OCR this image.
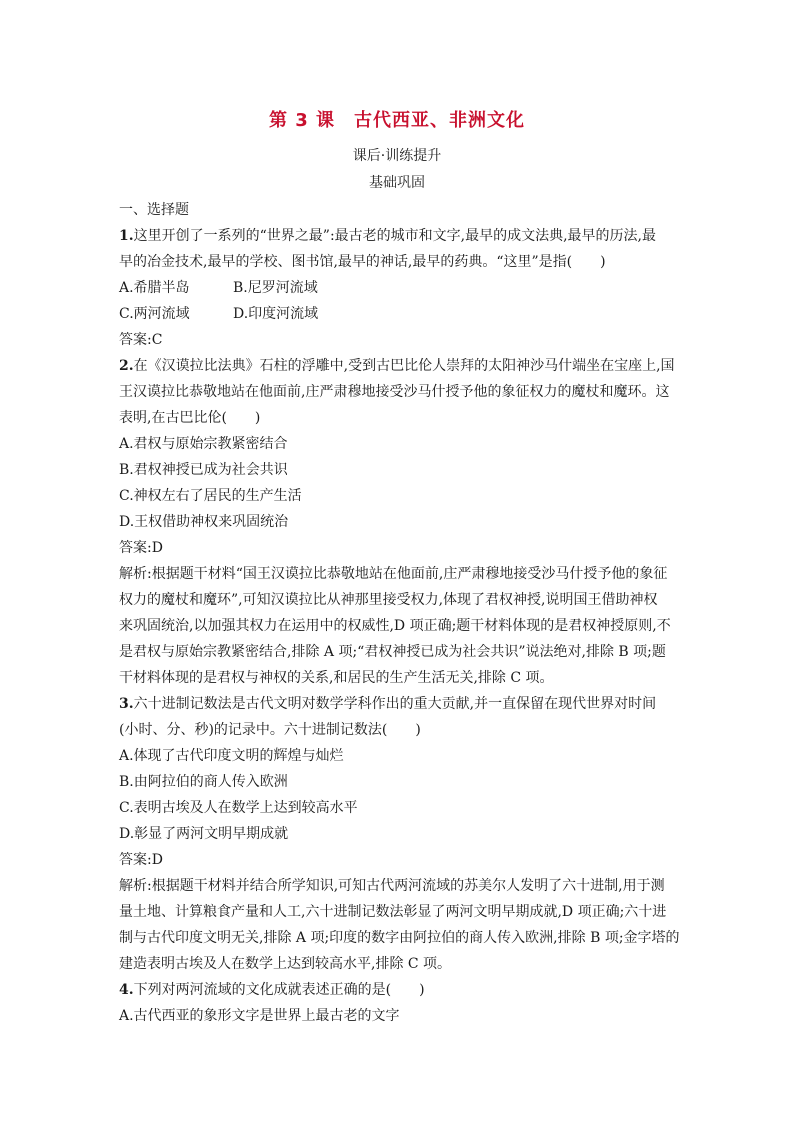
第 3 课　古代西亚、非洲文化
课后·训练提升
基础巩固
一、选择题
1.这里开创了一系列的“世界之最”:最古老的城市和文字,最早的成文法典,最早的历法,最
早的冶金技术,最早的学校、图书馆,最早的神话,最早的药典。“这里”是指(　　)
A.希腊半岛	B.尼罗河流域
C.两河流域	D.印度河流域
答案:C
2.在《汉谟拉比法典》石柱的浮雕中,受到古巴比伦人崇拜的太阳神沙马什端坐在宝座上,国
王汉谟拉比恭敬地站在他面前,庄严肃穆地接受沙马什授予他的象征权力的魔杖和魔环。这
表明,在古巴比伦(　　)
A.君权与原始宗教紧密结合
B.君权神授已成为社会共识
C.神权左右了居民的生产生活
D.王权借助神权来巩固统治
答案:D
解析:根据题干材料“国王汉谟拉比恭敬地站在他面前,庄严肃穆地接受沙马什授予他的象征
权力的魔杖和魔环”,可知汉谟拉比从神那里接受权力,体现了君权神授,说明国王借助神权
来巩固统治,以加强其权力在运用中的权威性,D 项正确;题干材料体现的是君权神授原则,不
是君权与原始宗教紧密结合,排除 A 项;“君权神授已成为社会共识”说法绝对,排除 B 项;题
干材料体现的是君权与神权的关系,和居民的生产生活无关,排除 C 项。
3.六十进制记数法是古代文明对数学学科作出的重大贡献,并一直保留在现代世界对时间
(小时、分、秒)的记录中。六十进制记数法(　　)
A.体现了古代印度文明的辉煌与灿烂
B.由阿拉伯的商人传入欧洲
C.表明古埃及人在数学上达到较高水平
D.彰显了两河文明早期成就
答案:D
解析:根据题干材料并结合所学知识,可知古代两河流域的苏美尔人发明了六十进制,用于测
量土地、计算粮食产量和人工,六十进制记数法彰显了两河文明早期成就,D 项正确;六十进
制与古代印度文明无关,排除 A 项;印度的数字由阿拉伯的商人传入欧洲,排除 B 项;金字塔的
建造表明古埃及人在数学上达到较高水平,排除 C 项。
4.下列对两河流域的文化成就表述正确的是(　　)
A.古代西亚的象形文字是世界上最古老的文字
